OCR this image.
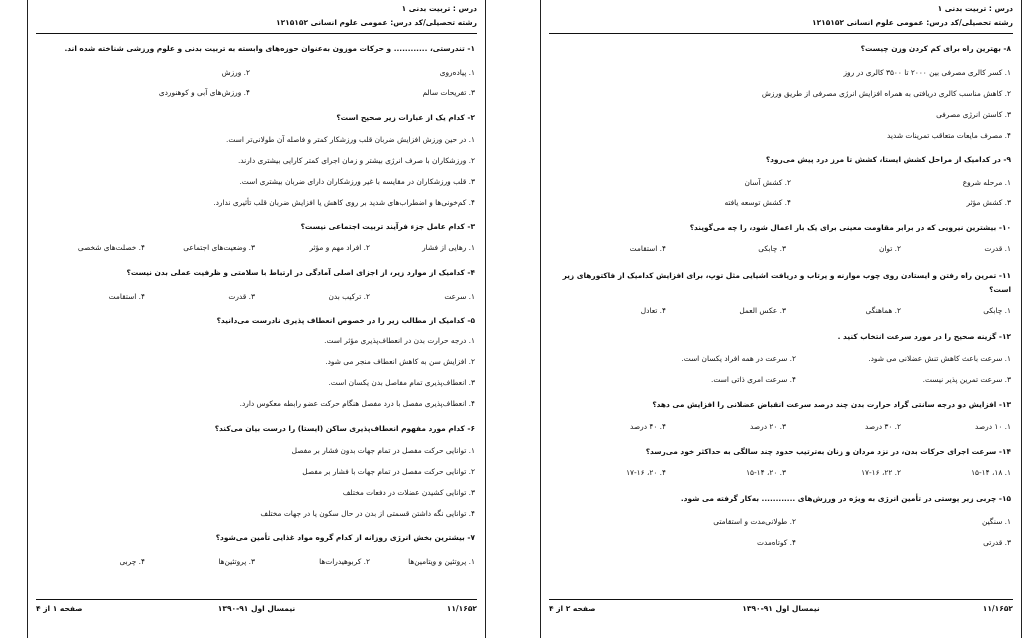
درس : تربیت بدنی ۱
رشته تحصیلی/کد درس: عمومی علوم انسانی ۱۲۱۵۱۵۲
۱- تندرستی، ............ و حرکات موزون به‌عنوان حوزه‌های وابسته به تربیت بدنی و علوم ورزشی شناخته شده اند.
۱. پیاده‌روی
۲. ورزش
۳. تفریحات سالم
۴. ورزش‌های آبی و کوهنوردی
۲- کدام یک از عبارات زیر صحیح است؟
۱. در حین ورزش افزایش ضربان قلب ورزشکار کمتر و فاصله آن طولانی‌تر است.
۲. ورزشکاران با صرف انرژی بیشتر و زمان اجرای کمتر کارایی بیشتری دارند.
۳. قلب ورزشکاران در مقایسه با غیر ورزشکاران دارای ضربان بیشتری است.
۴. کم‌خونی‌ها و اضطراب‌های شدید بر روی کاهش یا افزایش ضربان قلب تأثیری ندارد.
۳- کدام عامل جزء فرآیند تربیت اجتماعی نیست؟
۱. رهایی از فشار
۲. افراد مهم و مؤثر
۳. وضعیت‌های اجتماعی
۴. خصلت‌های شخصی
۴- کدامیک از موارد زیر، از اجزای اصلی آمادگی در ارتباط با سلامتی و ظرفیت عملی بدن نیست؟
۱. سرعت
۲. ترکیب بدن
۳. قدرت
۴. استقامت
۵- کدامیک از مطالب زیر را در خصوص انعطاف پذیری نادرست می‌دانید؟
۱. درجه حرارت بدن در انعطاف‌پذیری مؤثر است.
۲. افزایش سن به کاهش انعطاف منجر می شود.
۳. انعطاف‌پذیری تمام مفاصل بدن یکسان است.
۴. انعطاف‌پذیری مفصل با درد مفصل هنگام حرکت عضو رابطه معکوس دارد.
۶- کدام مورد مفهوم انعطاف‌پذیری ساکن (ایستا) را درست بیان می‌کند؟
۱. توانایی حرکت مفصل در تمام جهات بدون فشار بر مفصل
۲. توانایی حرکت مفصل در تمام جهات با فشار بر مفصل
۳. توانایی کشیدن عضلات در دفعات مختلف
۴. توانایی نگه داشتن قسمتی از بدن در حال سکون یا در جهات مختلف
۷- بیشترین بخش انرژی روزانه از کدام گروه مواد غذایی تأمین می‌شود؟
۱. پروتئین و ویتامین‌ها
۲. کربوهیدرات‌ها
۳. پروتئین‌ها
۴. چربی
۱۱/۱۶۵۲
نیمسال اول ۹۱-۱۳۹۰
صفحه ۱ از ۴
درس : تربیت بدنی ۱
رشته تحصیلی/کد درس: عمومی علوم انسانی ۱۲۱۵۱۵۲
۸- بهترین راه برای کم کردن وزن چیست؟
۱. کسر کالری مصرفی بین ۲۰۰۰ تا ۳۵۰۰ کالری در روز
۲. کاهش مناسب کالری دریافتی به همراه افزایش انرژی مصرفی از طریق ورزش
۳. کاستن انرژی مصرفی
۴. مصرف مایعات متعاقب تمرینات شدید
۹- در کدامیک از مراحل کشش ایستا، کشش تا مرز درد پیش می‌رود؟
۱. مرحله شروع
۲. کشش آسان
۳. کشش مؤثر
۴. کشش توسعه یافته
۱۰- بیشترین نیرویی که در برابر مقاومت معینی برای یک بار اعمال شود، را چه می‌گویند؟
۱. قدرت
۲. توان
۳. چابکی
۴. استقامت
۱۱- تمرین راه رفتن و ایستادن روی چوب موازنه و پرتاب و دریافت اشیایی مثل توپ، برای افزایش کدامیک از فاکتورهای زیر است؟
۱. چابکی
۲. هماهنگی
۳. عکس العمل
۴. تعادل
۱۲- گزینه صحیح را در مورد سرعت انتخاب کنید .
۱. سرعت باعث کاهش تنش عضلانی می شود.
۲. سرعت در همه افراد یکسان است.
۳. سرعت تمرین پذیر نیست.
۴. سرعت امری ذاتی است.
۱۳- افزایش دو درجه سانتی گراد حرارت بدن چند درصد سرعت انقباض عضلانی را افزایش می دهد؟
۱. ۱۰ درصد
۲. ۳۰ درصد
۳. ۲۰ درصد
۴. ۴۰ درصد
۱۴- سرعت اجرای حرکات بدن، در نزد مردان و زنان به‌ترتیب حدود چند سالگی به حداکثر خود می‌رسد؟
۱. ۱۸، ۱۵-۱۴
۲. ۲۲، ۱۷-۱۶
۳. ۲۰، ۱۵-۱۴
۴. ۲۰، ۱۷-۱۶
۱۵- چربی زیر پوستی در تأمین انرژی به ویژه در ورزش‌های ............ به‌کار گرفته می شود.
۱. سنگین
۲. طولانی‌مدت و استقامتی
۳. قدرتی
۴. کوتاه‌مدت
۱۱/۱۶۵۲
نیمسال اول ۹۱-۱۳۹۰
صفحه ۲ از ۴
